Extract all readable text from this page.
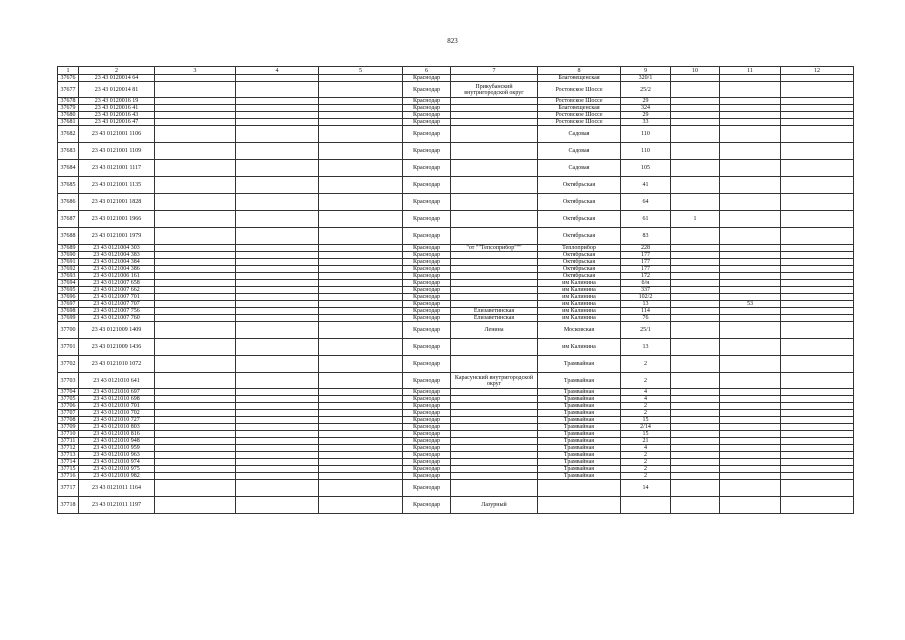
823
1	2	3	4	5	6	7	8	9	10	11	12
37676	23 43 0120014 64				Краснодар		Благовещенская	320/1			
37677	23 43 0120014 81				Краснодар	Прикубанский внутригородской округ	Ростовское Шоссе	25/2			
37678	23 43 0120016 19				Краснодар		Ростовское Шоссе	29			
37679	23 43 0120016 41				Краснодар		Благовещенская	324			
37680	23 43 0120016 43				Краснодар		Ростовское Шоссе	29			
37681	23 43 0120016 47				Краснодар		Ростовское Шоссе	33			
37682	23 43 0121001 1106				Краснодар		Садовая	110			
37683	23 43 0121001 1109				Краснодар		Садовая	110			
37684	23 43 0121001 1117				Краснодар		Садовая	105			
37685	23 43 0121001 1135				Краснодар		Октябрьская	41			
37686	23 43 0121001 1828				Краснодар		Октябрьская	64			
37687	23 43 0121001 1966				Краснодар		Октябрьская	61	1		
37688	23 43 0121001 1979				Краснодар		Октябрьская	83			
37689	23 43 0121004 303				Краснодар	"от ""Тепсоприбор"""	Теплоприбор	228			
37690	23 43 0121004 383				Краснодар		Октябрьская	177			
37691	23 43 0121004 384				Краснодар		Октябрьская	177			
37692	23 43 0121004 386				Краснодар		Октябрьская	177			
37693	23 43 0121006 161				Краснодар		Октябрьская	172			
37694	23 43 0121007 658				Краснодар		им Калинина	б/н			
37695	23 43 0121007 662				Краснодар		им Калинина	337			
37696	23 43 0121007 701				Краснодар		им Калинина	102/2			
37697	23 43 0121007 707				Краснодар		им Калинина	13		53	
37698	23 43 0121007 756				Краснодар	Елизаветинская	им Калинина	114			
37699	23 43 0121007 760				Краснодар	Елизаветинская	им Калинина	76			
37700	23 43 0121009 1409				Краснодар	Ленина	Московская	25/1			
37701	23 43 0121009 1436				Краснодар		им Калинина	13			
37702	23 43 0121010 1072				Краснодар		Трамвайная	2			
37703	23 43 0121010 641				Краснодар	Карасунский внутригородской округ	Трамвайная	2			
37704	23 43 0121010 697				Краснодар		Трамвайная	4			
37705	23 43 0121010 698				Краснодар		Трамвайная	4			
37706	23 43 0121010 701				Краснодар		Трамвайная	2			
37707	23 43 0121010 702				Краснодар		Трамвайная	2			
37708	23 43 0121010 727				Краснодар		Трамвайная	15			
37709	23 43 0121010 803				Краснодар		Трамвайная	2/14			
37710	23 43 0121010 816				Краснодар		Трамвайная	15			
37711	23 43 0121010 948				Краснодар		Трамвайная	21			
37712	23 43 0121010 959				Краснодар		Трамвайная	4			
37713	23 43 0121010 963				Краснодар		Трамвайная	2			
37714	23 43 0121010 974				Краснодар		Трамвайная	2			
37715	23 43 0121010 975				Краснодар		Трамвайная	2			
37716	23 43 0121010 982				Краснодар		Трамвайная	2			
37717	23 43 0121011 1164				Краснодар			14			
37718	23 43 0121011 1197				Краснодар	Лазурный					
